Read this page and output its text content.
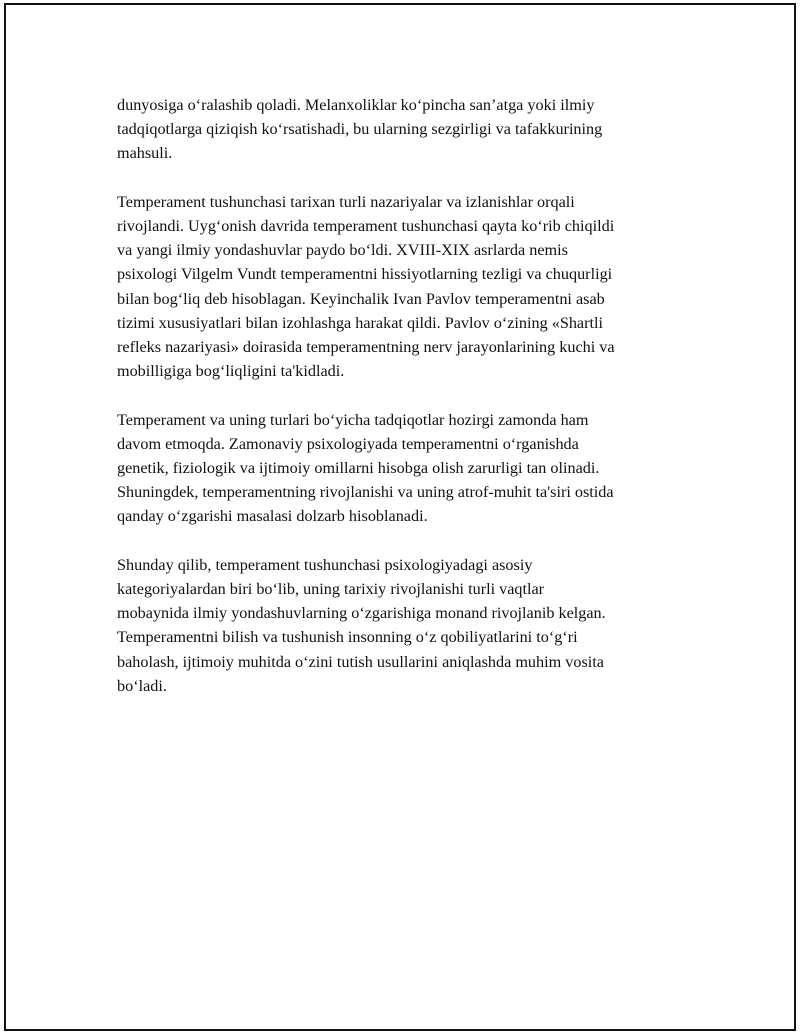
dunyosiga o‘ralashib qoladi. Melanxoliklar ko‘pincha san’atga yoki ilmiy
tadqiqotlarga qiziqish ko‘rsatishadi, bu ularning sezgirligi va tafakkurining
mahsuli.

Temperament tushunchasi tarixan turli nazariyalar va izlanishlar orqali
rivojlandi. Uyg‘onish davrida temperament tushunchasi qayta ko‘rib chiqildi
va yangi ilmiy yondashuvlar paydo bo‘ldi. XVIII-XIX asrlarda nemis
psixologi Vilgelm Vundt temperamentni hissiyotlarning tezligi va chuqurligi
bilan bog‘liq deb hisoblagan. Keyinchalik Ivan Pavlov temperamentni asab
tizimi xususiyatlari bilan izohlashga harakat qildi. Pavlov o‘zining «Shartli
refleks nazariyasi» doirasida temperamentning nerv jarayonlarining kuchi va
mobilligiga bog‘liqligini ta'kidladi.

Temperament va uning turlari bo‘yicha tadqiqotlar hozirgi zamonda ham
davom etmoqda. Zamonaviy psixologiyada temperamentni o‘rganishda
genetik, fiziologik va ijtimoiy omillarni hisobga olish zarurligi tan olinadi.
Shuningdek, temperamentning rivojlanishi va uning atrof-muhit ta'siri ostida
qanday o‘zgarishi masalasi dolzarb hisoblanadi.

Shunday qilib, temperament tushunchasi psixologiyadagi asosiy
kategoriyalardan biri bo‘lib, uning tarixiy rivojlanishi turli vaqtlar
mobaynida ilmiy yondashuvlarning o‘zgarishiga monand rivojlanib kelgan.
Temperamentni bilish va tushunish insonning o‘z qobiliyatlarini to‘g‘ri
baholash, ijtimoiy muhitda o‘zini tutish usullarini aniqlashda muhim vosita
bo‘ladi.
